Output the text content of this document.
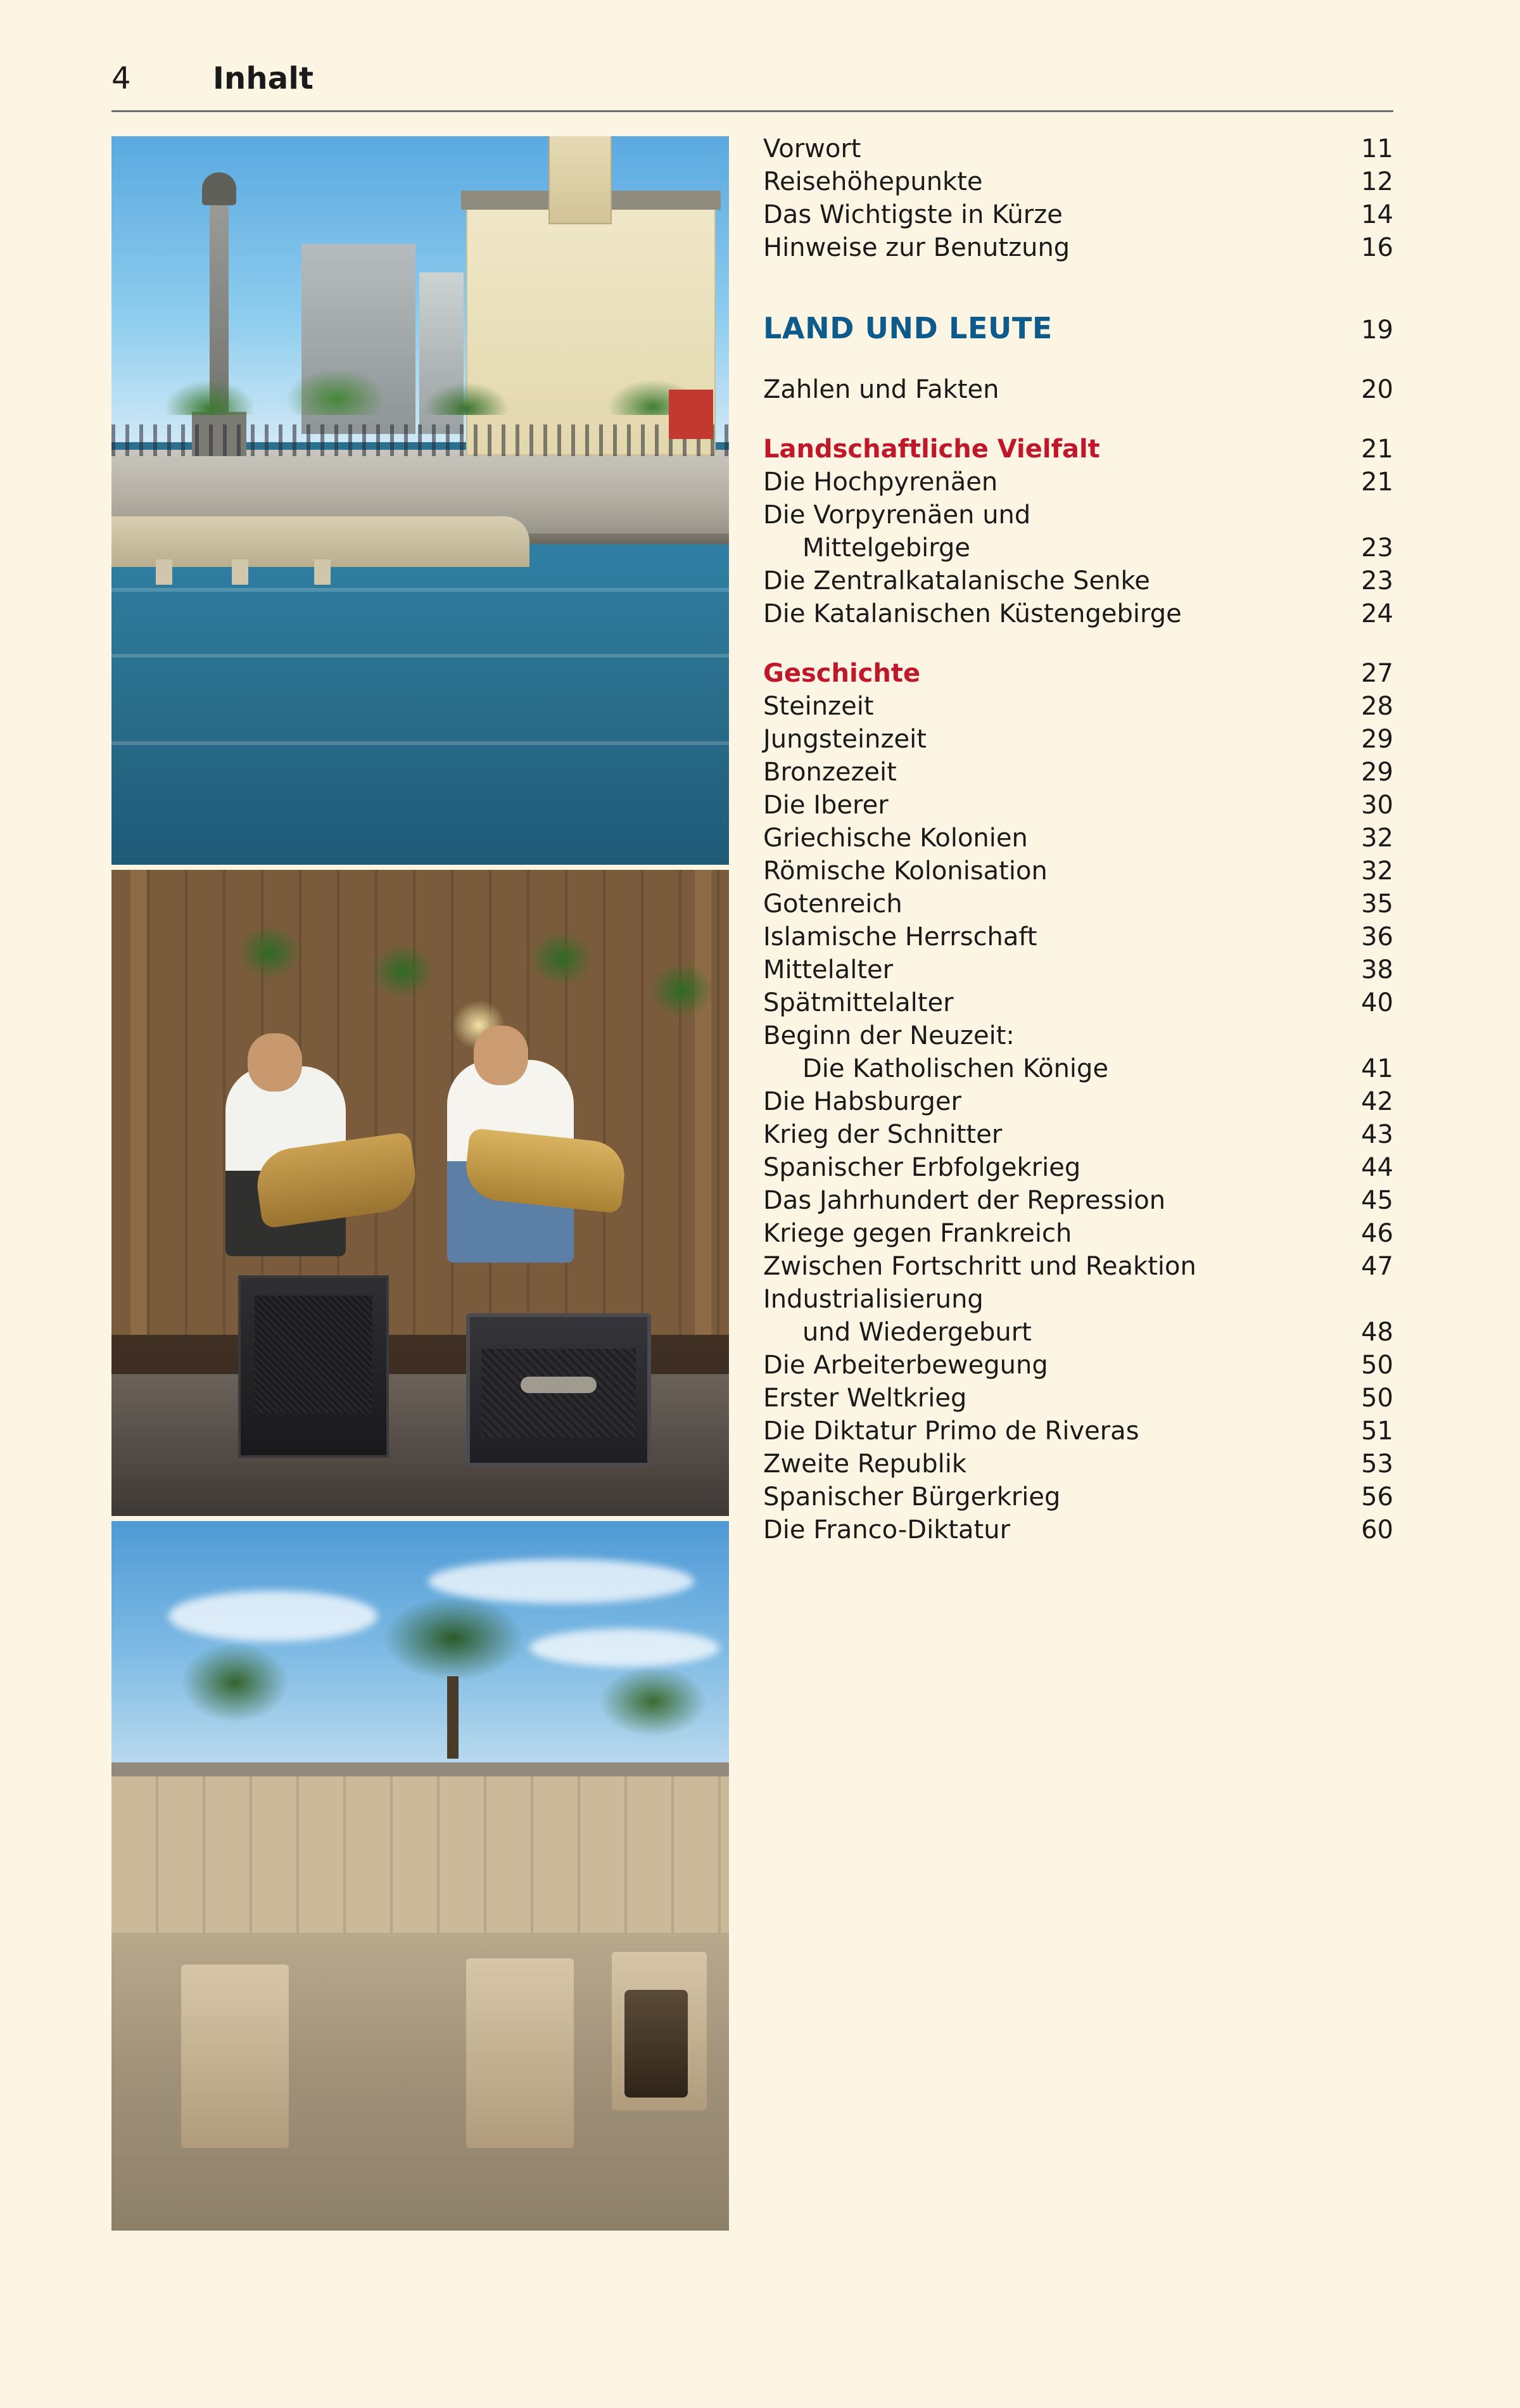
4	Inhalt
Vorwort	11
Reisehöhepunkte	12
Das Wichtigste in Kürze	14
Hinweise zur Benutzung	16
LAND UND LEUTE	19
Zahlen und Fakten	20
Landschaftliche Vielfalt	21
Die Hochpyrenäen	21
Die Vorpyrenäen und
Mittelgebirge	23
Die Zentralkatalanische Senke	23
Die Katalanischen Küstengebirge	24
Geschichte	27
Steinzeit	28
Jungsteinzeit	29
Bronzezeit	29
Die Iberer	30
Griechische Kolonien	32
Römische Kolonisation	32
Gotenreich	35
Islamische Herrschaft	36
Mittelalter	38
Spätmittelalter	40
Beginn der Neuzeit:
Die Katholischen Könige	41
Die Habsburger	42
Krieg der Schnitter	43
Spanischer Erbfolgekrieg	44
Das Jahrhundert der Repression	45
Kriege gegen Frankreich	46
Zwischen Fortschritt und Reaktion	47
Industrialisierung
und Wiedergeburt	48
Die Arbeiterbewegung	50
Erster Weltkrieg	50
Die Diktatur Primo de Riveras	51
Zweite Republik	53
Spanischer Bürgerkrieg	56
Die Franco-Diktatur	60
